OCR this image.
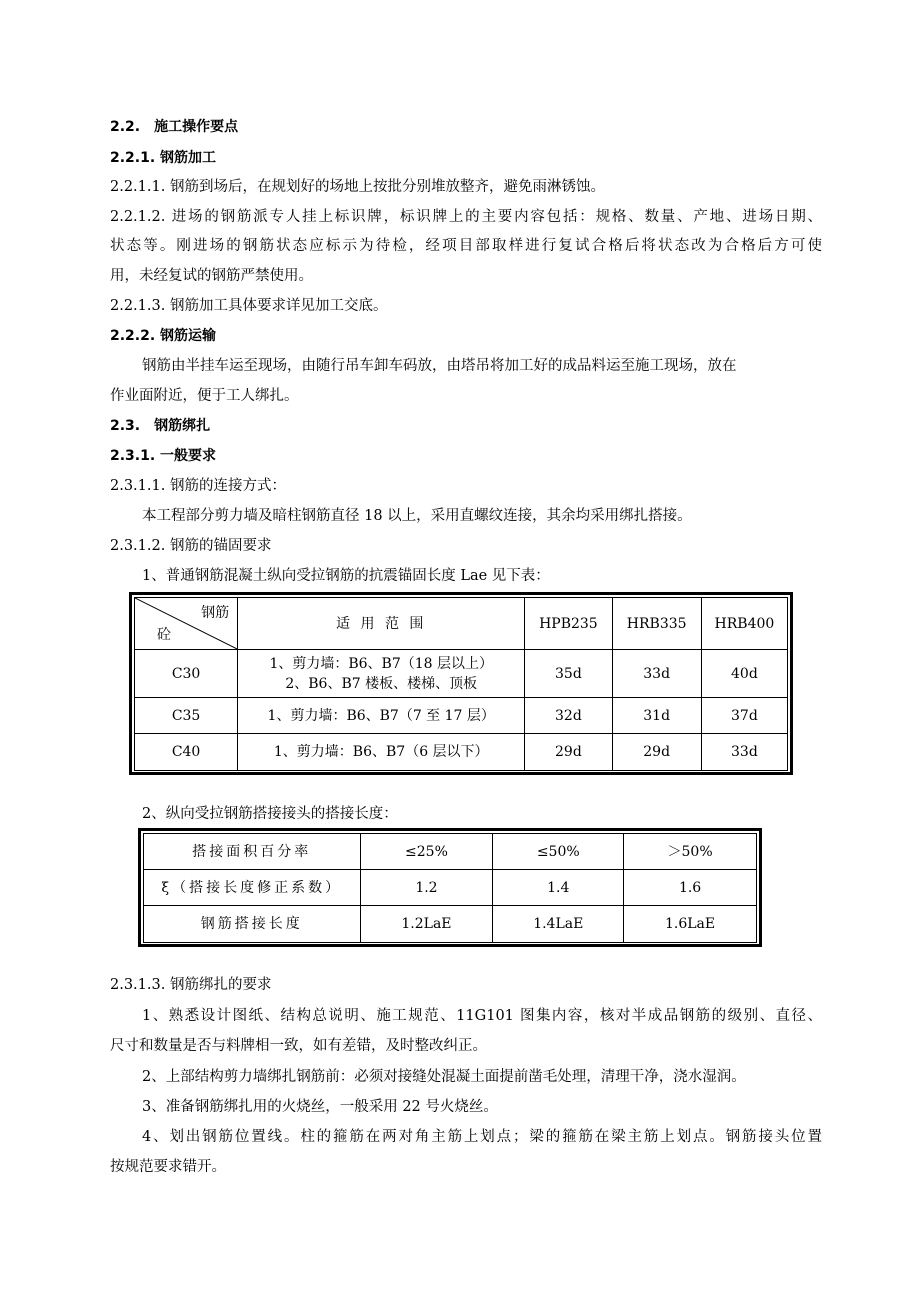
2.2.　施工操作要点
2.2.1. 钢筋加工
2.2.1.1. 钢筋到场后，在规划好的场地上按批分别堆放整齐，避免雨淋锈蚀。
2.2.1.2. 进场的钢筋派专人挂上标识牌，标识牌上的主要内容包括：规格、数量、产地、进场日期、
状态等。刚进场的钢筋状态应标示为待检，经项目部取样进行复试合格后将状态改为合格后方可使
用，未经复试的钢筋严禁使用。
2.2.1.3. 钢筋加工具体要求详见加工交底。
2.2.2. 钢筋运输
钢筋由半挂车运至现场，由随行吊车卸车码放，由塔吊将加工好的成品料运至施工现场，放在
作业面附近，便于工人绑扎。
2.3.　钢筋绑扎
2.3.1. 一般要求
2.3.1.1. 钢筋的连接方式：
本工程部分剪力墙及暗柱钢筋直径 18 以上，采用直螺纹连接，其余均采用绑扎搭接。
2.3.1.2. 钢筋的锚固要求
1、普通钢筋混凝土纵向受拉钢筋的抗震锚固长度 Lae 见下表：
钢筋
砼	适 用 范 围	HPB235	HRB335	HRB400
C30	1、剪力墙：B6、B7（18 层以上）
2、B6、B7 楼板、楼梯、顶板	35d	33d	40d
C35	1、剪力墙：B6、B7（7 至 17 层）	32d	31d	37d
C40	1、剪力墙：B6、B7（6 层以下）	29d	29d	33d
2、纵向受拉钢筋搭接接头的搭接长度：
搭接面积百分率	≤25%	≤50%	＞50%
ξ（搭接长度修正系数）	1.2	1.4	1.6
钢筋搭接长度	1.2LaE	1.4LaE	1.6LaE
2.3.1.3. 钢筋绑扎的要求
1、熟悉设计图纸、结构总说明、施工规范、11G101 图集内容，核对半成品钢筋的级别、直径、
尺寸和数量是否与料牌相一致，如有差错，及时整改纠正。
2、上部结构剪力墙绑扎钢筋前：必须对接缝处混凝土面提前凿毛处理，清理干净，浇水湿润。
3、准备钢筋绑扎用的火烧丝，一般采用 22 号火烧丝。
4、划出钢筋位置线。柱的箍筋在两对角主筋上划点；梁的箍筋在梁主筋上划点。钢筋接头位置
按规范要求错开。
